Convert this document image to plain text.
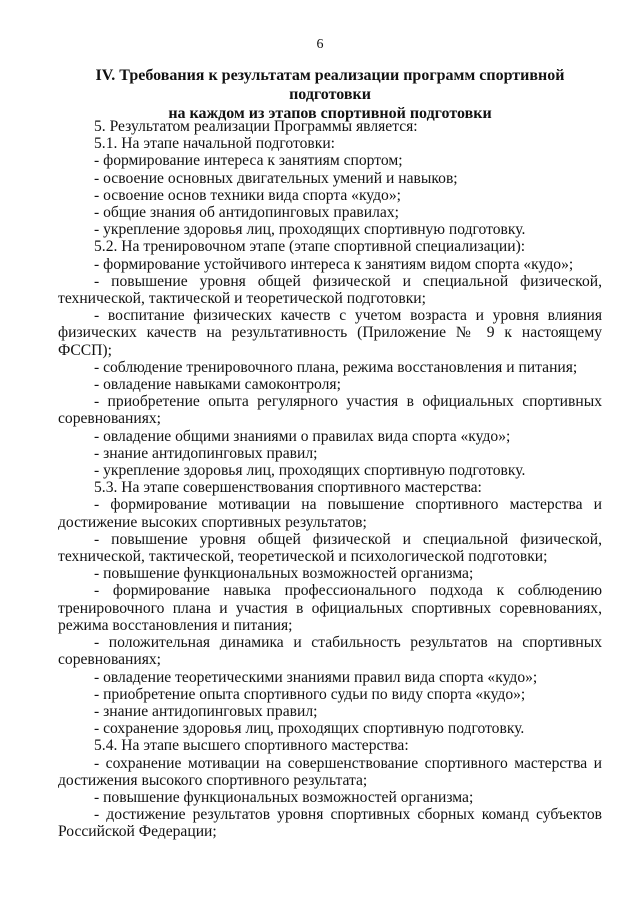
6
IV. Требования к результатам реализации программ спортивной подготовки
на каждом из этапов спортивной подготовки

5. Результатом реализации Программы является:

5.1. На этапе начальной подготовки:

- формирование интереса к занятиям спортом;

- освоение основных двигательных умений и навыков;

- освоение основ техники вида спорта «кудо»;

- общие знания об антидопинговых правилах;

- укрепление здоровья лиц, проходящих спортивную подготовку.

5.2. На тренировочном этапе (этапе спортивной специализации):

- формирование устойчивого интереса к занятиям видом спорта «кудо»;

- повышение уровня общей физической и специальной физической, технической, тактической и теоретической подготовки;

- воспитание физических качеств с учетом возраста и уровня влияния физических качеств на результативность (Приложение № 9 к настоящему ФССП);

- соблюдение тренировочного плана, режима восстановления и питания;

- овладение навыками самоконтроля;

- приобретение опыта регулярного участия в официальных спортивных соревнованиях;

- овладение общими знаниями о правилах вида спорта «кудо»;

- знание антидопинговых правил;

- укрепление здоровья лиц, проходящих спортивную подготовку.

5.3. На этапе совершенствования спортивного мастерства:

- формирование мотивации на повышение спортивного мастерства и достижение высоких спортивных результатов;

- повышение уровня общей физической и специальной физической, технической, тактической, теоретической и психологической подготовки;

- повышение функциональных возможностей организма;

- формирование навыка профессионального подхода к соблюдению тренировочного плана и участия в официальных спортивных соревнованиях, режима восстановления и питания;

- положительная динамика и стабильность результатов на спортивных соревнованиях;

- овладение теоретическими знаниями правил вида спорта «кудо»;

- приобретение опыта спортивного судьи по виду спорта «кудо»;

- знание антидопинговых правил;

- сохранение здоровья лиц, проходящих спортивную подготовку.

5.4. На этапе высшего спортивного мастерства:

- сохранение мотивации на совершенствование спортивного мастерства и достижения высокого спортивного результата;

- повышение функциональных возможностей организма;

- достижение результатов уровня спортивных сборных команд субъектов Российской Федерации;
